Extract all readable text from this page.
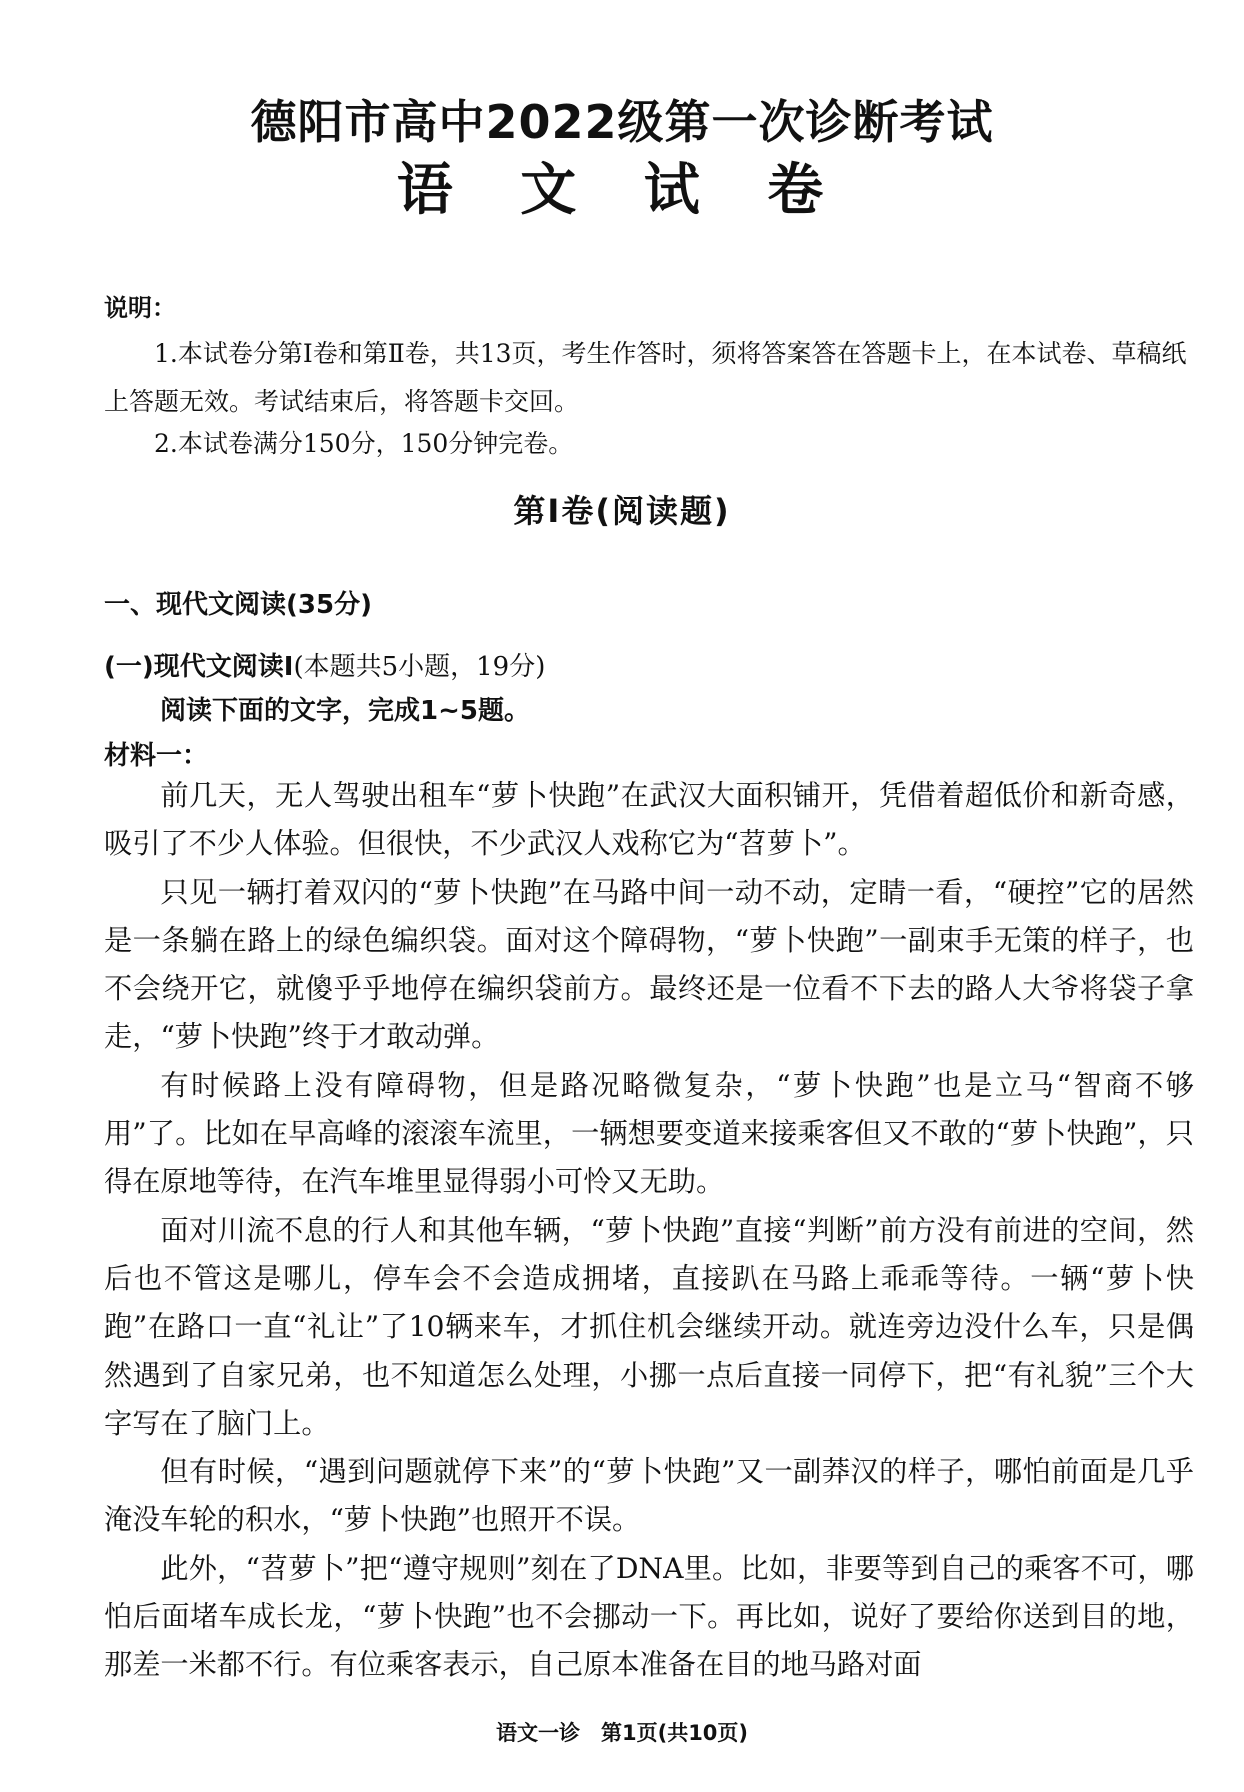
德阳市高中2022级第一次诊断考试
语 文 试 卷
说明：
1.本试卷分第Ⅰ卷和第Ⅱ卷，共13页，考生作答时，须将答案答在答题卡上，在本试卷、草稿纸上答题无效。考试结束后，将答题卡交回。
2.本试卷满分150分，150分钟完卷。
第Ⅰ卷(阅读题)
一、现代文阅读(35分)
(一)现代文阅读Ⅰ(本题共5小题，19分)
阅读下面的文字，完成1~5题。
材料一：

前几天，无人驾驶出租车“萝卜快跑”在武汉大面积铺开，凭借着超低价和新奇感，吸引了不少人体验。但很快，不少武汉人戏称它为“苕萝卜”。

只见一辆打着双闪的“萝卜快跑”在马路中间一动不动，定睛一看，“硬控”它的居然是一条躺在路上的绿色编织袋。面对这个障碍物，“萝卜快跑”一副束手无策的样子，也不会绕开它，就傻乎乎地停在编织袋前方。最终还是一位看不下去的路人大爷将袋子拿走，“萝卜快跑”终于才敢动弹。

有时候路上没有障碍物，但是路况略微复杂，“萝卜快跑”也是立马“智商不够用”了。比如在早高峰的滚滚车流里，一辆想要变道来接乘客但又不敢的“萝卜快跑”，只得在原地等待，在汽车堆里显得弱小可怜又无助。

面对川流不息的行人和其他车辆，“萝卜快跑”直接“判断”前方没有前进的空间，然后也不管这是哪儿，停车会不会造成拥堵，直接趴在马路上乖乖等待。一辆“萝卜快跑”在路口一直“礼让”了10辆来车，才抓住机会继续开动。就连旁边没什么车，只是偶然遇到了自家兄弟，也不知道怎么处理，小挪一点后直接一同停下，把“有礼貌”三个大字写在了脑门上。

但有时候，“遇到问题就停下来”的“萝卜快跑”又一副莽汉的样子，哪怕前面是几乎淹没车轮的积水，“萝卜快跑”也照开不误。

此外，“苕萝卜”把“遵守规则”刻在了DNA里。比如，非要等到自己的乘客不可，哪怕后面堵车成长龙，“萝卜快跑”也不会挪动一下。再比如，说好了要给你送到目的地，那差一米都不行。有位乘客表示，自己原本准备在目的地马路对面

语文一诊　第1页(共10页)
